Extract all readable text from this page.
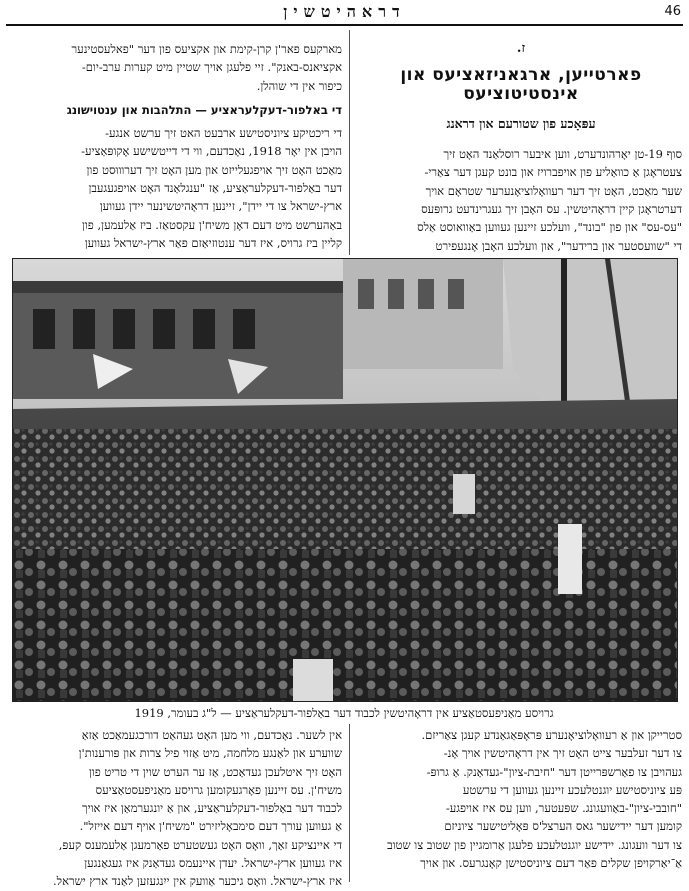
דראהיטשין	46

ז.

פארטייען, ארגאניזאציעס און אינסטיטוציעס

עפּאָכע פון שטורעם און דראנג

סוף 19-טן יאָרהונדערט, ווען איבער רוסלאַנד האָט זיך

צעטראָגן אַ כוואַליע פון אויפברויז און בונט קעגן דער צאַרי-

שער מאַכט, האָט זיך דער רעוואָלוציאָנערער שטראָם אויך

דערטראָגן קיין דראָהיטשין. עס האָבן זיך געגרינדעט גרופּעס

"עס-עס" און פון "בונד", וועלכע זיינען געווען באַוואוסט אַלס

די "שוועסטער און ברידער", און וועלכע האָבן אָנגעפירט

מארקעס פאר'ן קרן-קימת און אקציעס פון דער "פאלעסטינער

אקציאנס-באנק". זיי פלעגן אויך שטיין מיט קערות ערב-יום-

כיפור אין די שוהלן.

די באלפור-דעקלעראציע — התלהבות און ענטוישונג

די ריכטיקע ציוניסטישע ארבעט האט זיך ערשט אנגע-

הויבן אין יאָר 1918, נאָכדעם, ווי די דייטשישע אָקופּאַציע-

מאַכט האָט זיך אויפגעלייזט און מען האָט זיך דערוווּסט פון

דער באַלפור-דעקלעראַציע, אַז "ענגלאַנד האָט אויפגעגעבן

ארץ-ישראל צו די יידן", זיינען דראָהיטשינער יידן געווען

באַהערשט מיט דעם דאָן משיח'ן עקסטאַז. ביז אַלעמען, פון

קליין ביז גרויס, איז דער ענטוזיאַזם פאַר ארץ-ישראל געווען

גרויסע מאַניפעסטאַציע אין דראָהיטשין לכבוד דער באַלפור-דעקלעראַציע — ל"ג בעומר, 1919

סטרייקן און אַ רעוואָלוציאָנערע פּראָפּאַגאַנדע קעגן צאַריזם.

צו דער זעלבער צייט האָט זיך אין דראָהיטשין אויך אָנ-

געהויבן צו פאַרשפּרייטן דער "חיבת-ציון"-געדאַנק. אַ גרופּ-

פּע ציוניסטישע יוגנטלעכע זיינען געווען די ערשטע

"חובבי-ציון"-באַוועגונג. שפּעטער, ווען עס איז אויפגע-

קומען דער יידישער גאס הערצל'ס פּאָליטישער ציוניזם

צו דער וועגונג. יידישע יוגנטלעכע פלעגן אַרומגיין פון שטוב צו שטוב

אַ־יאַרקויפן שקלים פאַר דעם ציוניסטישן קאָנגרעס. און אויך

אין לשער. נאָכדעם, ווי מען האָט געהאַט דורכגעמאַכט אַזאַ

שווערע און לאַנגע מלחמה, מיט אַזוי פיל צרות און פּורענות'ן

האָט זיך איטלעכן געדאַכט, אַז ער הערט שוין די טריט פון

משיח'ן. עס זיינען פאָרגעקומען גרויסע מאַניפעסטאַציעס

לכבוד דער באַלפור-דעקלעראַציע, און אַ יונגערמאַן איז אויך

אַ געווען עורך דעם סימבאָליזירט "משיח'ן אויף דעם אייזל".

די איינציקע זאַך, וואָס האָט געשטערט פאַרמעגן אַלעמענס קעפּ,

איז געווען ארץ-ישראל. יעדן איינעמס געדאַנק איז געגאַנגען

איז ארץ-ישראל. וואָס גיכער אַוועק אין ייִנגעזען לאַנד ארץ ישראל.
